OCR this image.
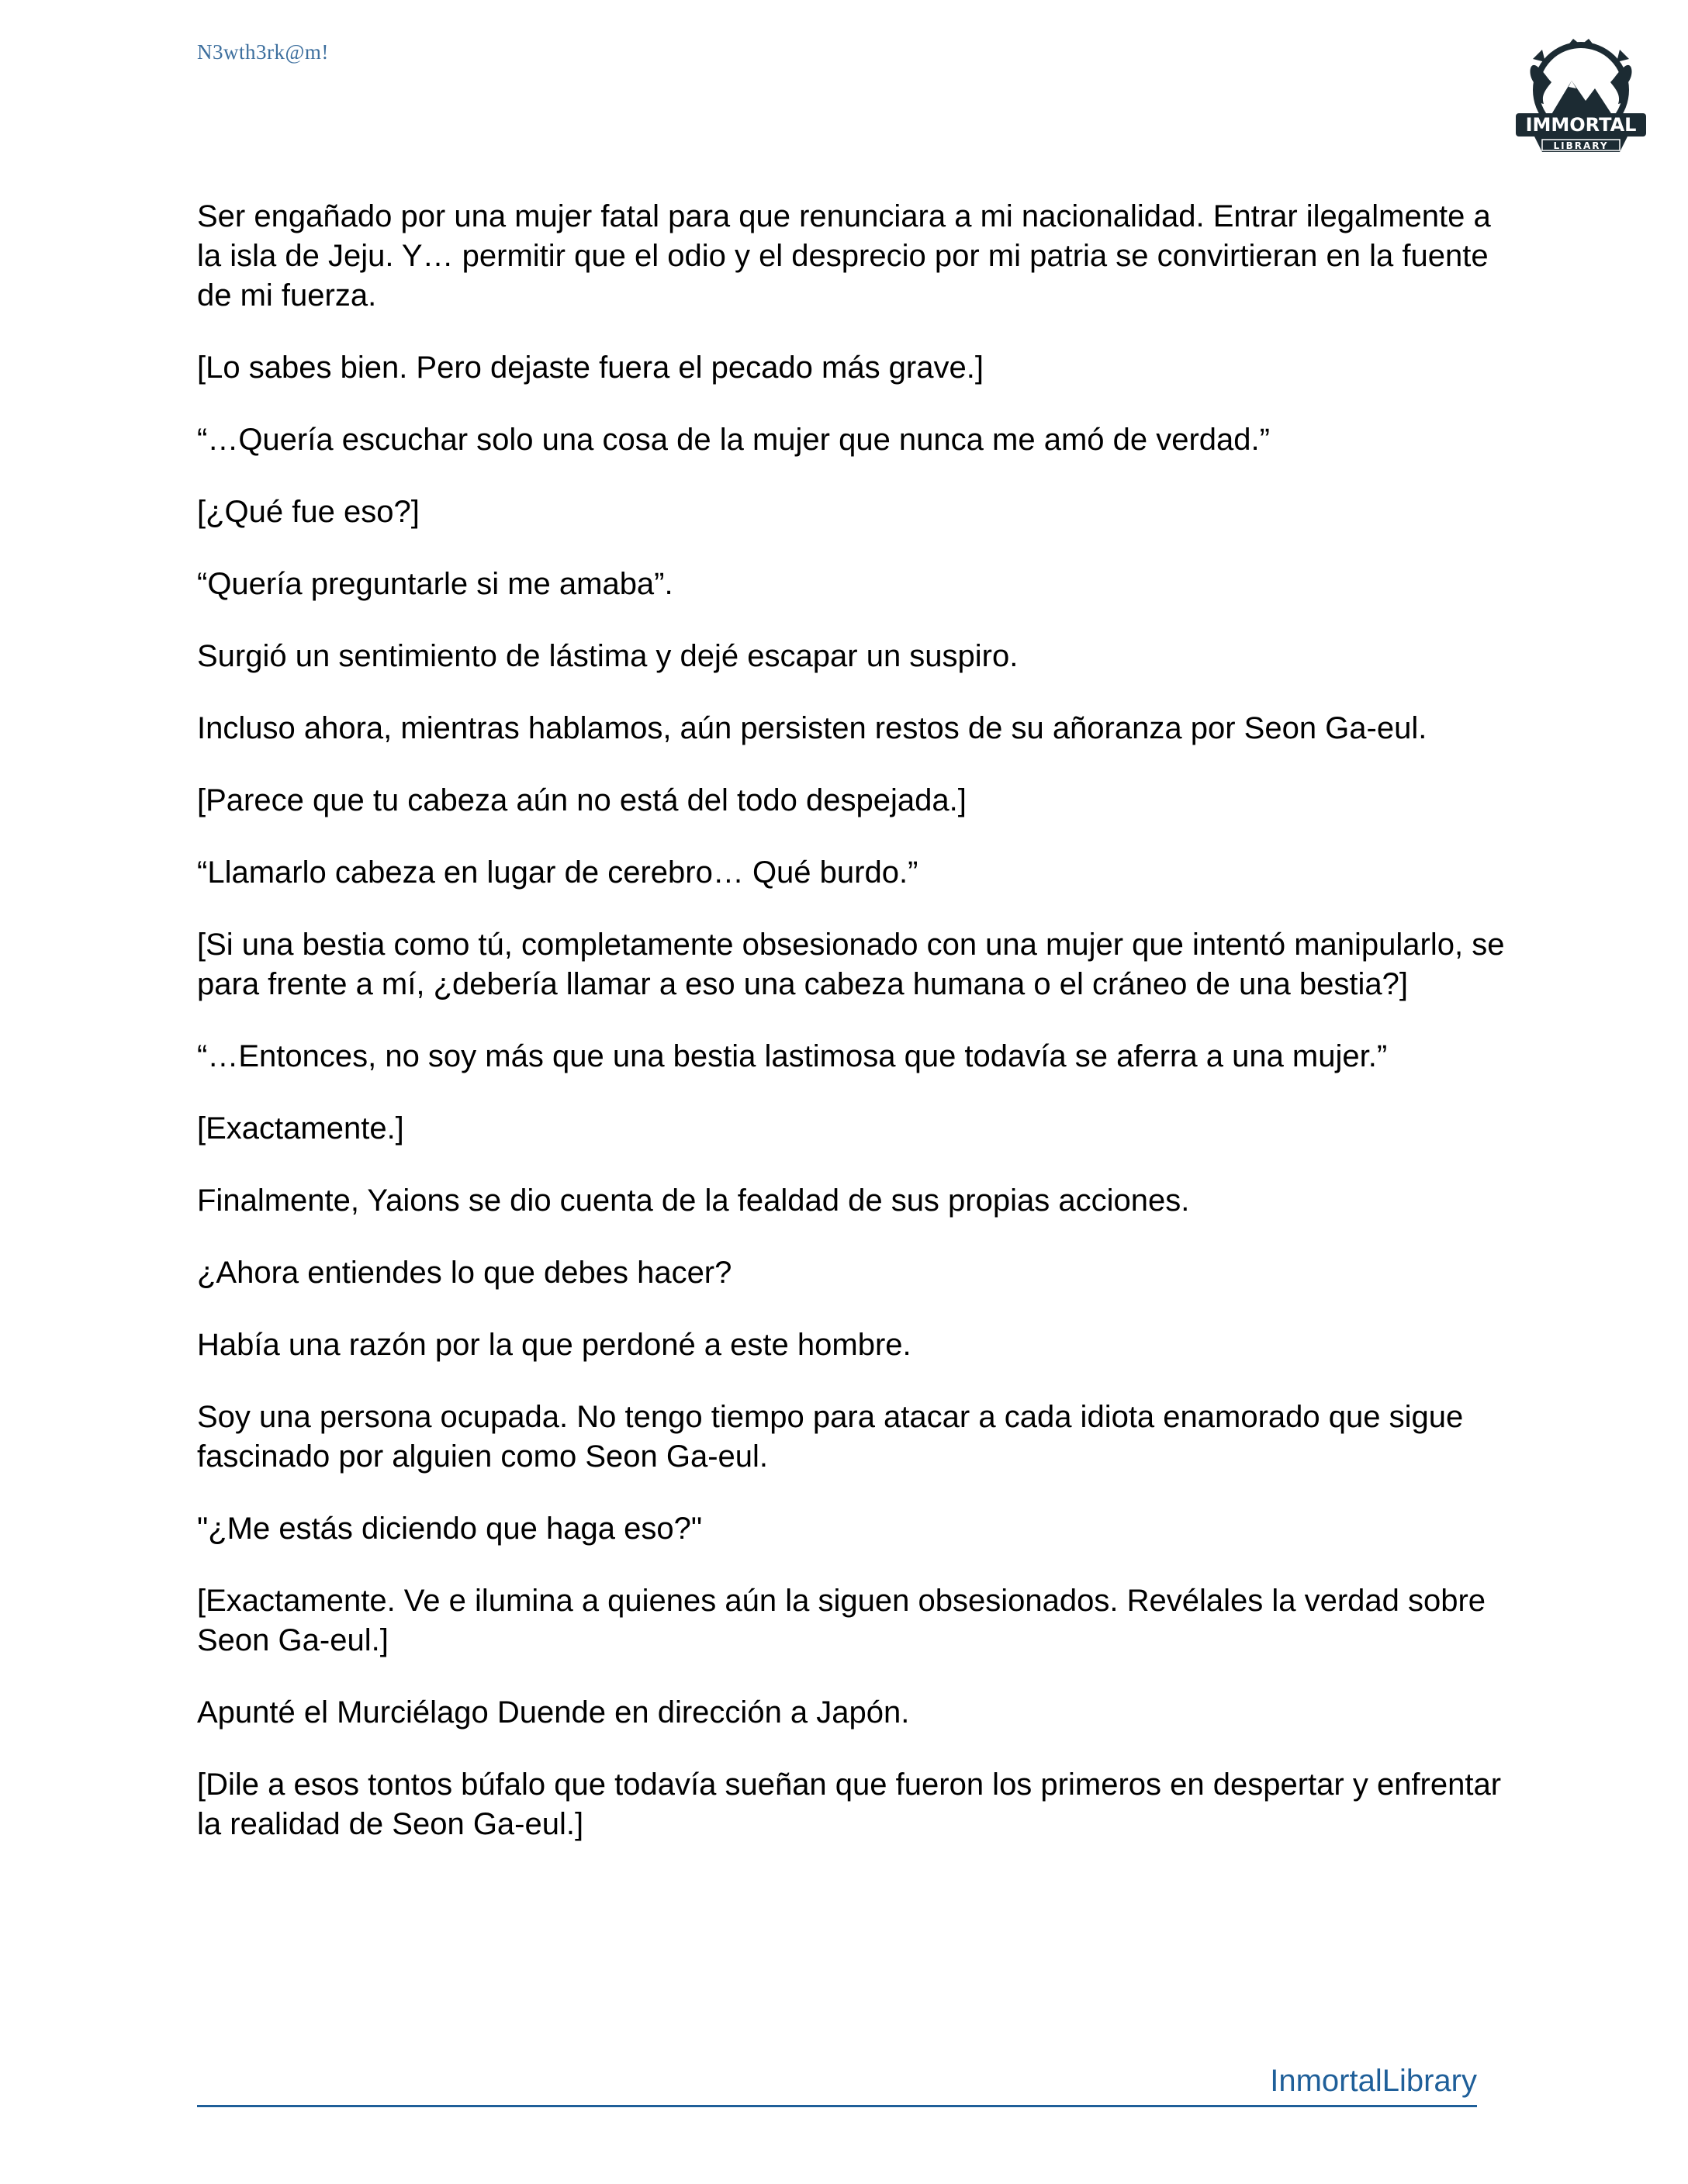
N3wth3rk@m!
IMMORTAL
LIBRARY

Ser engañado por una mujer fatal para que renunciara a mi nacionalidad. Entrar ilegalmente a la isla de Jeju. Y… permitir que el odio y el desprecio por mi patria se convirtieran en la fuente de mi fuerza.

[Lo sabes bien. Pero dejaste fuera el pecado más grave.]

“…Quería escuchar solo una cosa de la mujer que nunca me amó de verdad.”

[¿Qué fue eso?]

“Quería preguntarle si me amaba”.

Surgió un sentimiento de lástima y dejé escapar un suspiro.

Incluso ahora, mientras hablamos, aún persisten restos de su añoranza por Seon Ga-eul.

[Parece que tu cabeza aún no está del todo despejada.]

“Llamarlo cabeza en lugar de cerebro… Qué burdo.”

[Si una bestia como tú, completamente obsesionado con una mujer que intentó manipularlo, se para frente a mí, ¿debería llamar a eso una cabeza humana o el cráneo de una bestia?]

“…Entonces, no soy más que una bestia lastimosa que todavía se aferra a una mujer.”

[Exactamente.]

Finalmente, Yaions se dio cuenta de la fealdad de sus propias acciones.

¿Ahora entiendes lo que debes hacer?

Había una razón por la que perdoné a este hombre.

Soy una persona ocupada. No tengo tiempo para atacar a cada idiota enamorado que sigue fascinado por alguien como Seon Ga-eul.

"¿Me estás diciendo que haga eso?"

[Exactamente. Ve e ilumina a quienes aún la siguen obsesionados. Revélales la verdad sobre Seon Ga-eul.]

Apunté el Murciélago Duende en dirección a Japón.

[Dile a esos tontos búfalo que todavía sueñan que fueron los primeros en despertar y enfrentar la realidad de Seon Ga-eul.]

InmortalLibrary
